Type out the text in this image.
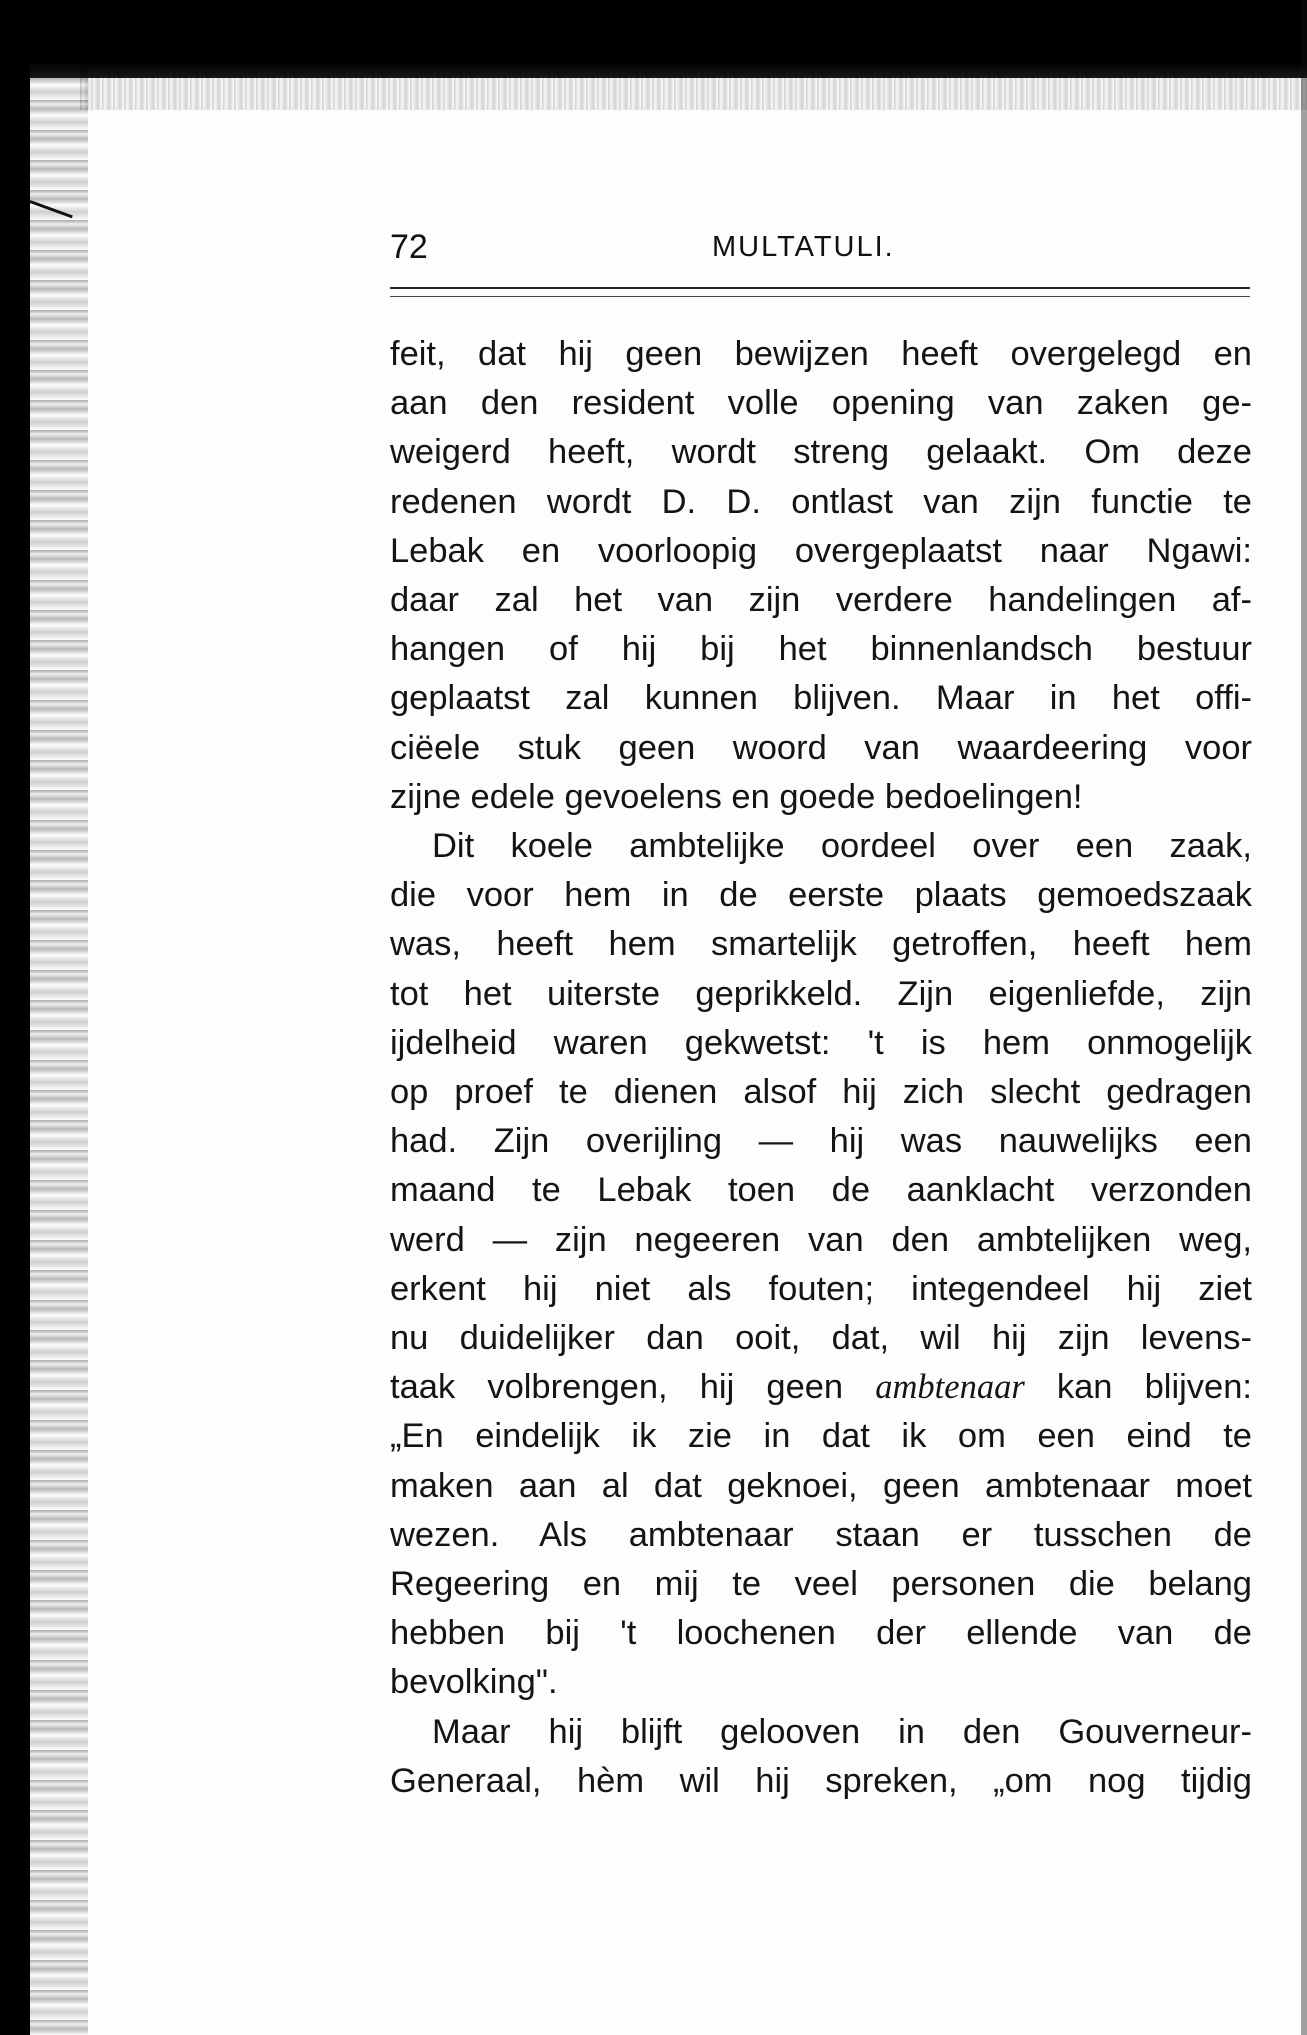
72	MULTATULI.
feit, dat hij geen bewijzen heeft overgelegd en
aan den resident volle opening van zaken ge-
weigerd heeft, wordt streng gelaakt. Om deze
redenen wordt D. D. ontlast van zijn functie te
Lebak en voorloopig overgeplaatst naar Ngawi:
daar zal het van zijn verdere handelingen af-
hangen of hij bij het binnenlandsch bestuur
geplaatst zal kunnen blijven. Maar in het offi-
ciëele stuk geen woord van waardeering voor
zijne edele gevoelens en goede bedoelingen!
Dit koele ambtelijke oordeel over een zaak,
die voor hem in de eerste plaats gemoedszaak
was, heeft hem smartelijk getroffen, heeft hem
tot het uiterste geprikkeld. Zijn eigenliefde, zijn
ijdelheid waren gekwetst: 't is hem onmogelijk
op proef te dienen alsof hij zich slecht gedragen
had. Zijn overijling — hij was nauwelijks een
maand te Lebak toen de aanklacht verzonden
werd — zijn negeeren van den ambtelijken weg,
erkent hij niet als fouten; integendeel hij ziet
nu duidelijker dan ooit, dat, wil hij zijn levens-
taak volbrengen, hij geen ambtenaar kan blijven:
„En eindelijk ik zie in dat ik om een eind te
maken aan al dat geknoei, geen ambtenaar moet
wezen. Als ambtenaar staan er tusschen de
Regeering en mij te veel personen die belang
hebben bij 't loochenen der ellende van de
bevolking".
Maar hij blijft gelooven in den Gouverneur-
Generaal, hèm wil hij spreken, „om nog tijdig
